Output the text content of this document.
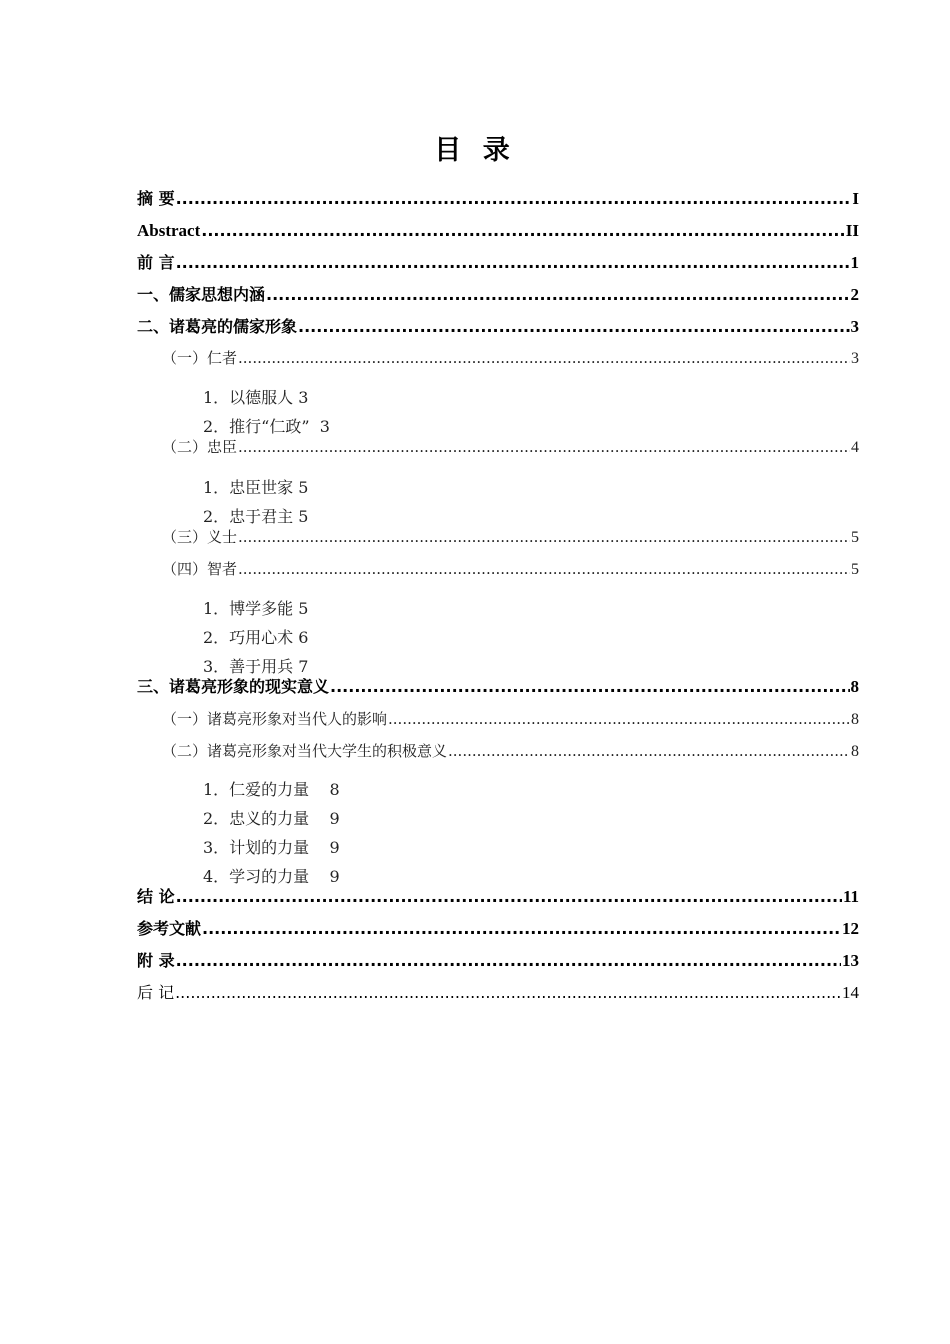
目 录
摘 要 .....	I
Abstract .....	II
前 言 .....	1
一、儒家思想内涵 .....	2
二、诸葛亮的儒家形象 .....	3
（一）仁者 .....	3
1．以德服人 3
2．推行“仁政”  3
（二）忠臣 .....	4
1．忠臣世家 5
2．忠于君主 5
（三）义士 .....	5
（四）智者 .....	5
1．博学多能 5
2．巧用心术 6
3．善于用兵 7
三、诸葛亮形象的现实意义 .....	8
（一）诸葛亮形象对当代人的影响 .....	8
（二）诸葛亮形象对当代大学生的积极意义 .....	8
1．仁爱的力量    8
2．忠义的力量    9
3．计划的力量    9
4．学习的力量    9
结 论 .....	11
参考文献 .....	12
附 录 .....	13
后 记 .....	14
